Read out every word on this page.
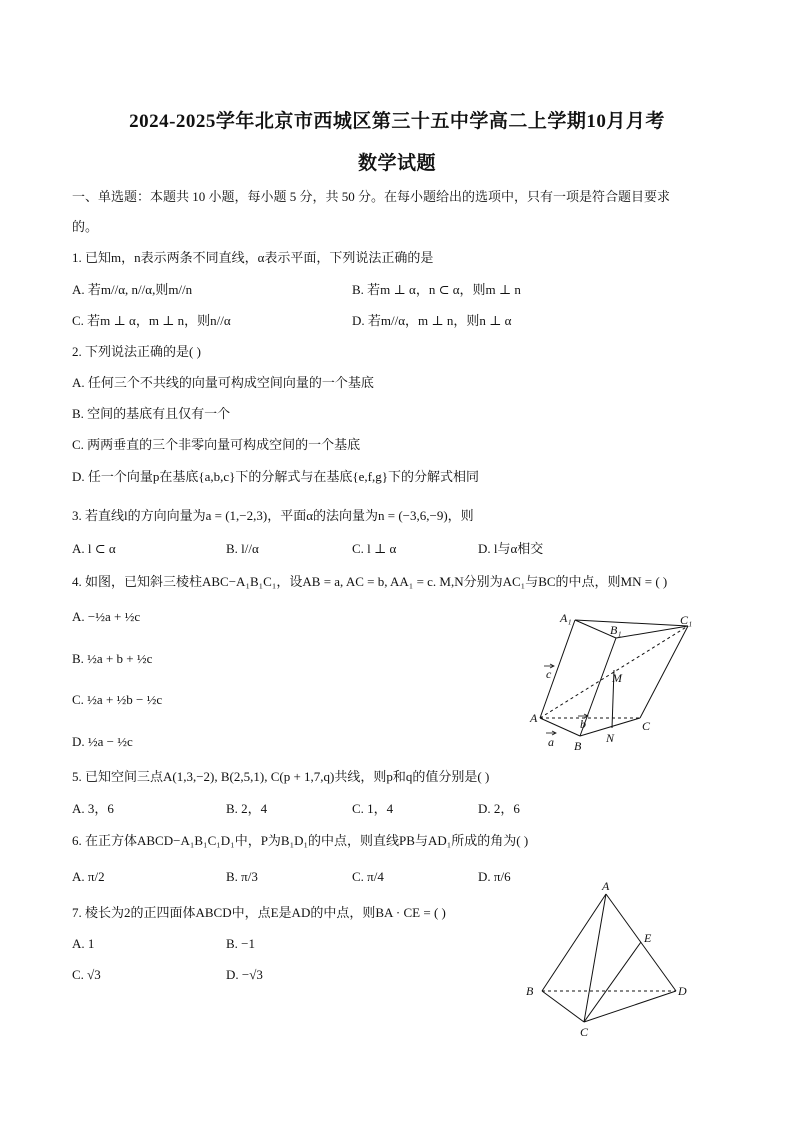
2024-2025学年北京市西城区第三十五中学高二上学期10月月考
数学试题
一、单选题：本题共 10 小题，每小题 5 分，共 50 分。在每小题给出的选项中，只有一项是符合题目要求
的。
1. 已知m，n表示两条不同直线，α表示平面，下列说法正确的是
A. 若m//α, n//α,则m//n	B. 若m ⊥ α，n ⊂ α，则m ⊥ n
C. 若m ⊥ α，m ⊥ n，则n//α	D. 若m//α，m ⊥ n，则n ⊥ α
2. 下列说法正确的是( )
A. 任何三个不共线的向量可构成空间向量的一个基底
B. 空间的基底有且仅有一个
C. 两两垂直的三个非零向量可构成空间的一个基底
D. 任一个向量p在基底{a,b,c}下的分解式与在基底{e,f,g}下的分解式相同
3. 若直线l的方向向量为a = (1,−2,3)，平面α的法向量为n = (−3,6,−9)，则
A. l ⊂ α	B. l//α	C. l ⊥ α	D. l与α相交
4. 如图，已知斜三棱柱ABC−A₁B₁C₁，设AB = a, AC = b, AA₁ = c. M,N分别为AC₁与BC的中点，则MN = ( )
A. −½a + ½c
B. ½a + b + ½c
C. ½a + ½b − ½c
D. ½a − ½c
A₁
B₁
C₁
A
B
C
M
N
a
b
c
5. 已知空间三点A(1,3,−2), B(2,5,1), C(p + 1,7,q)共线，则p和q的值分别是( )
A. 3，6	B. 2，4	C. 1，4	D. 2，6
6. 在正方体ABCD−A₁B₁C₁D₁中，P为B₁D₁的中点，则直线PB与AD₁所成的角为( )
A. π/2	B. π/3	C. π/4	D. π/6
7. 棱长为2的正四面体ABCD中，点E是AD的中点，则BA · CE = ( )
A. 1	B. −1
C. √3	D. −√3
A
B
C
D
E
